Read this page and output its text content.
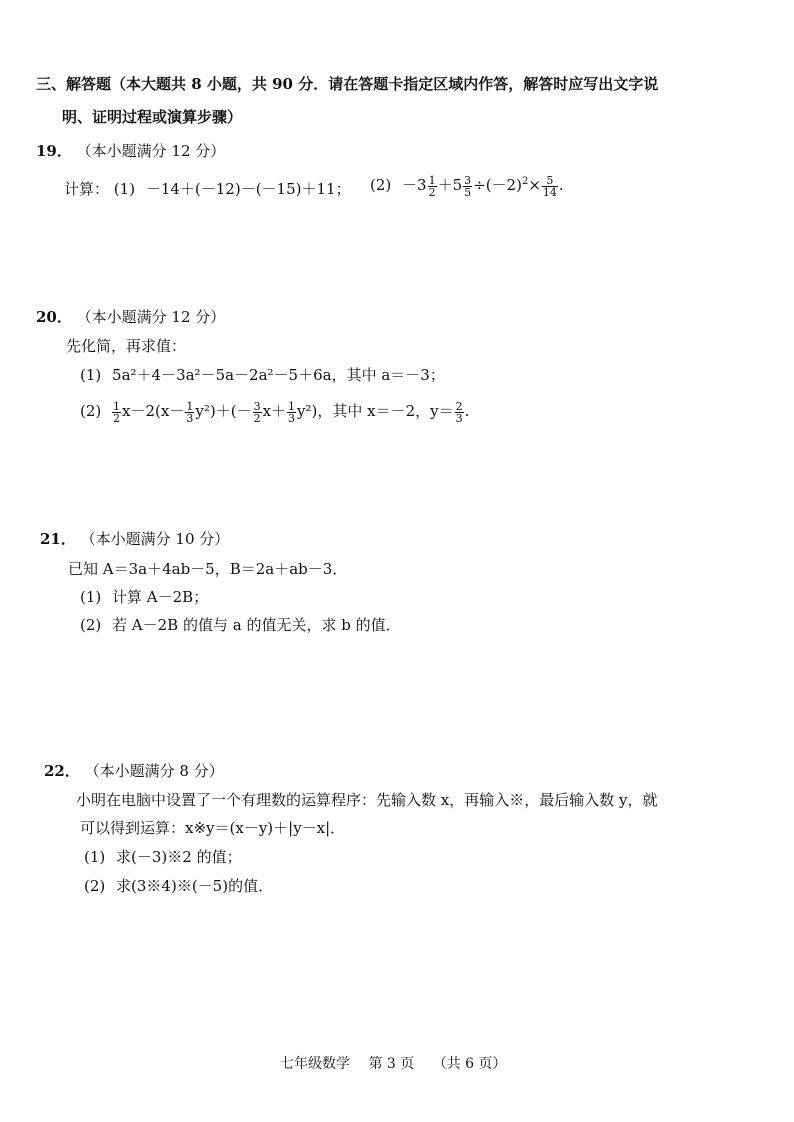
三、解答题（本大题共 8 小题，共 90 分．请在答题卡指定区域内作答，解答时应写出文字说
明、证明过程或演算步骤）
19． （本小题满分 12 分）
计算： (1) －14＋(－12)－(－15)＋11； $(2) -3 \frac{1}{2} +5 \frac{3}{5} \div(-2)^2\times \frac{5}{14}$ .
20． （本小题满分 12 分）
先化简，再求值：
(1) 5a²＋4－3a²－5a－2a²－5＋6a，其中 a＝－3；
$(2) \frac{1}{2} x-2(x- \frac{1}{3} y^2)+(- \frac{3}{2} x+ \frac{1}{3} y^2)$，其中 x＝－2，$y= \frac{2}{3}$ .
21． （本小题满分 10 分）
已知 A＝3a＋4ab－5，B＝2a＋ab－3．
(1) 计算 A－2B；
(2) 若 A－2B 的值与 a 的值无关，求 b 的值．
22． （本小题满分 8 分）
小明在电脑中设置了一个有理数的运算程序：先输入数 x，再输入※，最后输入数 y，就
可以得到运算：x※y＝(x－y)＋|y－x|．
(1) 求(－3)※2 的值；
(2) 求(3※4)※(－5)的值．
七年级数学 第 3 页 （共 6 页）
